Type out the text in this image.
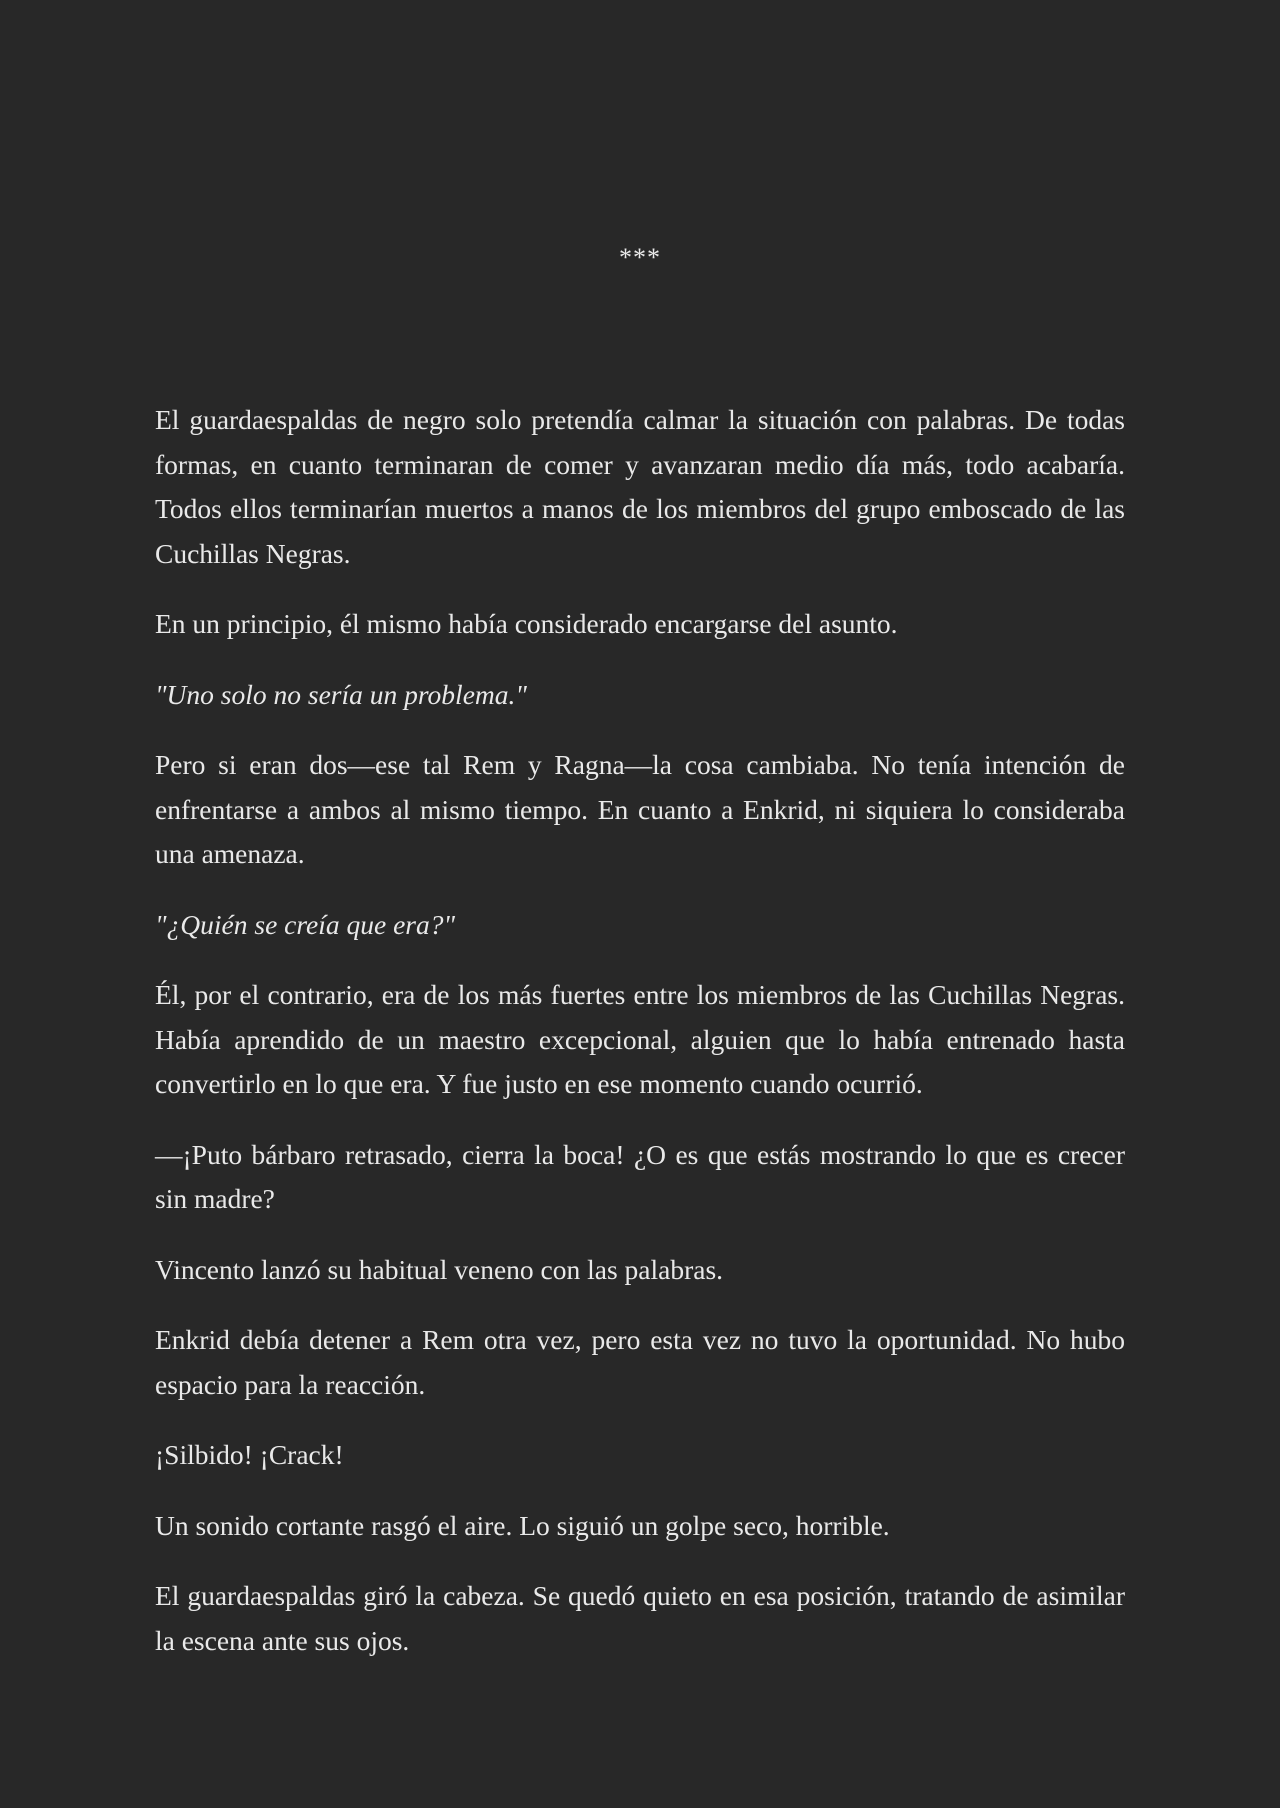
***

El guardaespaldas de negro solo pretendía calmar la situación con palabras. De todas formas, en cuanto terminaran de comer y avanzaran medio día más, todo acabaría. Todos ellos terminarían muertos a manos de los miembros del grupo emboscado de las Cuchillas Negras.

En un principio, él mismo había considerado encargarse del asunto.

"Uno solo no sería un problema."

Pero si eran dos—ese tal Rem y Ragna—la cosa cambiaba. No tenía intención de enfrentarse a ambos al mismo tiempo. En cuanto a Enkrid, ni siquiera lo consideraba una amenaza.

"¿Quién se creía que era?"

Él, por el contrario, era de los más fuertes entre los miembros de las Cuchillas Negras. Había aprendido de un maestro excepcional, alguien que lo había entrenado hasta convertirlo en lo que era. Y fue justo en ese momento cuando ocurrió.

—¡Puto bárbaro retrasado, cierra la boca! ¿O es que estás mostrando lo que es crecer sin madre?

Vincento lanzó su habitual veneno con las palabras.

Enkrid debía detener a Rem otra vez, pero esta vez no tuvo la oportunidad. No hubo espacio para la reacción.

¡Silbido! ¡Crack!

Un sonido cortante rasgó el aire. Lo siguió un golpe seco, horrible.

El guardaespaldas giró la cabeza. Se quedó quieto en esa posición, tratando de asimilar la escena ante sus ojos.
